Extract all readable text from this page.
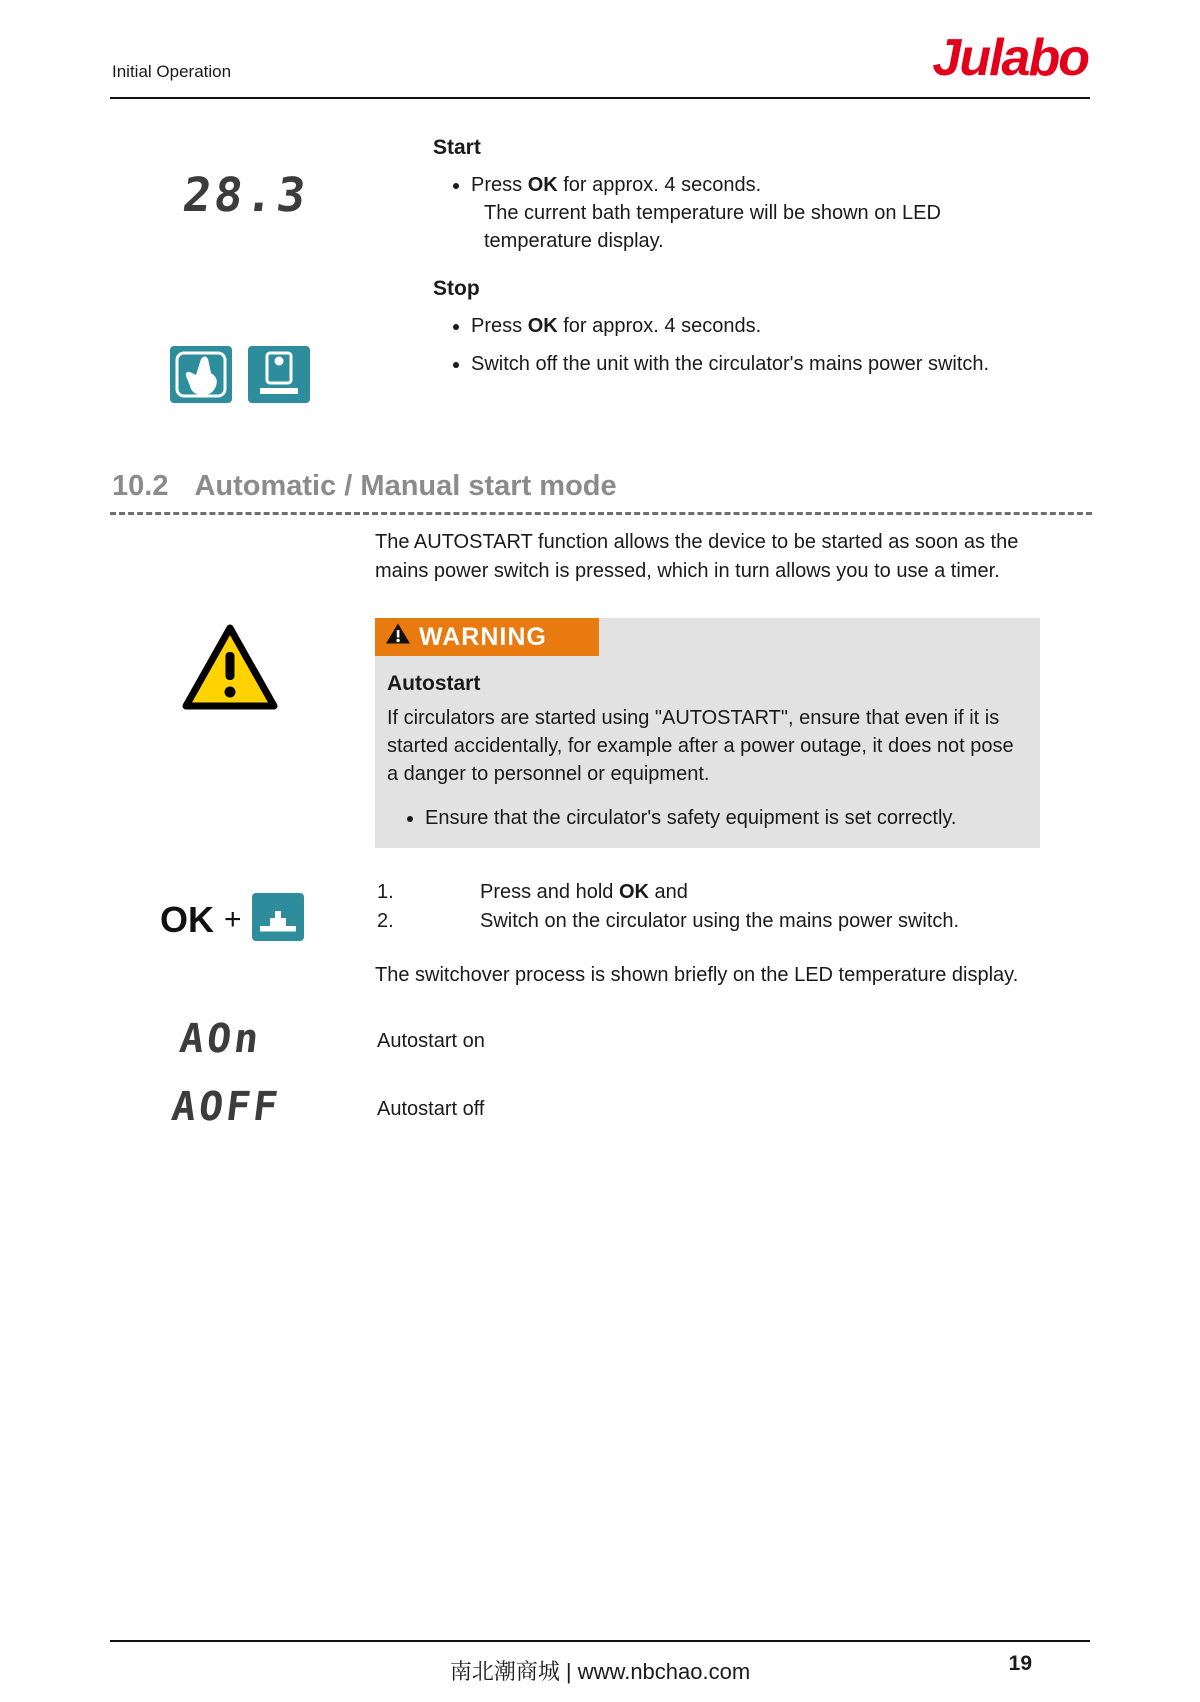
Initial Operation	Julabo
28.3
Start
• Press OK for approx. 4 seconds.
The current bath temperature will be shown on LED temperature display.
Stop
• Press OK for approx. 4 seconds.
• Switch off the unit with the circulator's mains power switch.
10.2 Automatic / Manual start mode
The AUTOSTART function allows the device to be started as soon as the mains power switch is pressed, which in turn allows you to use a timer.
WARNING
Autostart
If circulators are started using "AUTOSTART", ensure that even if it is started accidentally, for example after a power outage, it does not pose a danger to personnel or equipment.
• Ensure that the circulator's safety equipment is set correctly.
OK +
1.	Press and hold OK and
2.	Switch on the circulator using the mains power switch.
The switchover process is shown briefly on the LED temperature display.
AOn	Autostart on
AOFF	Autostart off
南北潮商城 | www.nbchao.com	19
